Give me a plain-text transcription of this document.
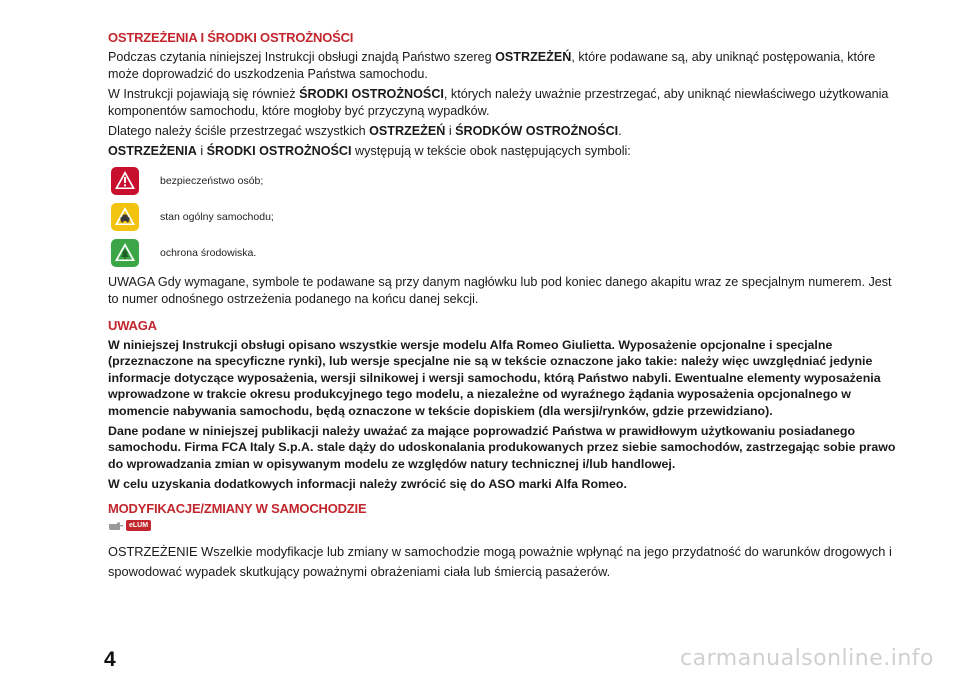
OSTRZEŻENIA I ŚRODKI OSTROŻNOŚCI

Podczas czytania niniejszej Instrukcji obsługi znajdą Państwo szereg OSTRZEŻEŃ, które podawane są, aby uniknąć postępowania, które może doprowadzić do uszkodzenia Państwa samochodu.

W Instrukcji pojawiają się również ŚRODKI OSTROŻNOŚCI, których należy uważnie przestrzegać, aby uniknąć niewłaściwego użytkowania komponentów samochodu, które mogłoby być przyczyną wypadków.

Dlatego należy ściśle przestrzegać wszystkich OSTRZEŻEŃ i ŚRODKÓW OSTROŻNOŚCI.

OSTRZEŻENIA i ŚRODKI OSTROŻNOŚCI występują w tekście obok następujących symboli:

bezpieczeństwo osób;
stan ogólny samochodu;
ochrona środowiska.

UWAGA Gdy wymagane, symbole te podawane są przy danym nagłówku lub pod koniec danego akapitu wraz ze specjalnym numerem. Jest to numer odnośnego ostrzeżenia podanego na końcu danej sekcji.

UWAGA

W niniejszej Instrukcji obsługi opisano wszystkie wersje modelu Alfa Romeo Giulietta. Wyposażenie opcjonalne i specjalne (przeznaczone na specyficzne rynki), lub wersje specjalne nie są w tekście oznaczone jako takie: należy więc uwzględniać jedynie informacje dotyczące wyposażenia, wersji silnikowej i wersji samochodu, którą Państwo nabyli. Ewentualne elementy wyposażenia wprowadzone w trakcie okresu produkcyjnego tego modelu, a niezależne od wyraźnego żądania wyposażenia opcjonalnego w momencie nabywania samochodu, będą oznaczone w tekście dopiskiem (dla wersji/rynków, gdzie przewidziano).

Dane podane w niniejszej publikacji należy uważać za mające poprowadzić Państwa w prawidłowym użytkowaniu posiadanego samochodu. Firma FCA Italy S.p.A. stale dąży do udoskonalania produkowanych przez siebie samochodów, zastrzegając sobie prawo do wprowadzania zmian w opisywanym modelu ze względów natury technicznej i/lub handlowej.

W celu uzyskania dodatkowych informacji należy zwrócić się do ASO marki Alfa Romeo.

MODYFIKACJE/ZMIANY W SAMOCHODZIE
eLUM

OSTRZEŻENIE Wszelkie modyfikacje lub zmiany w samochodzie mogą poważnie wpłynąć na jego przydatność do warunków drogowych i spowodować wypadek skutkujący poważnymi obrażeniami ciała lub śmiercią pasażerów.

4	carmanualsonline.info
